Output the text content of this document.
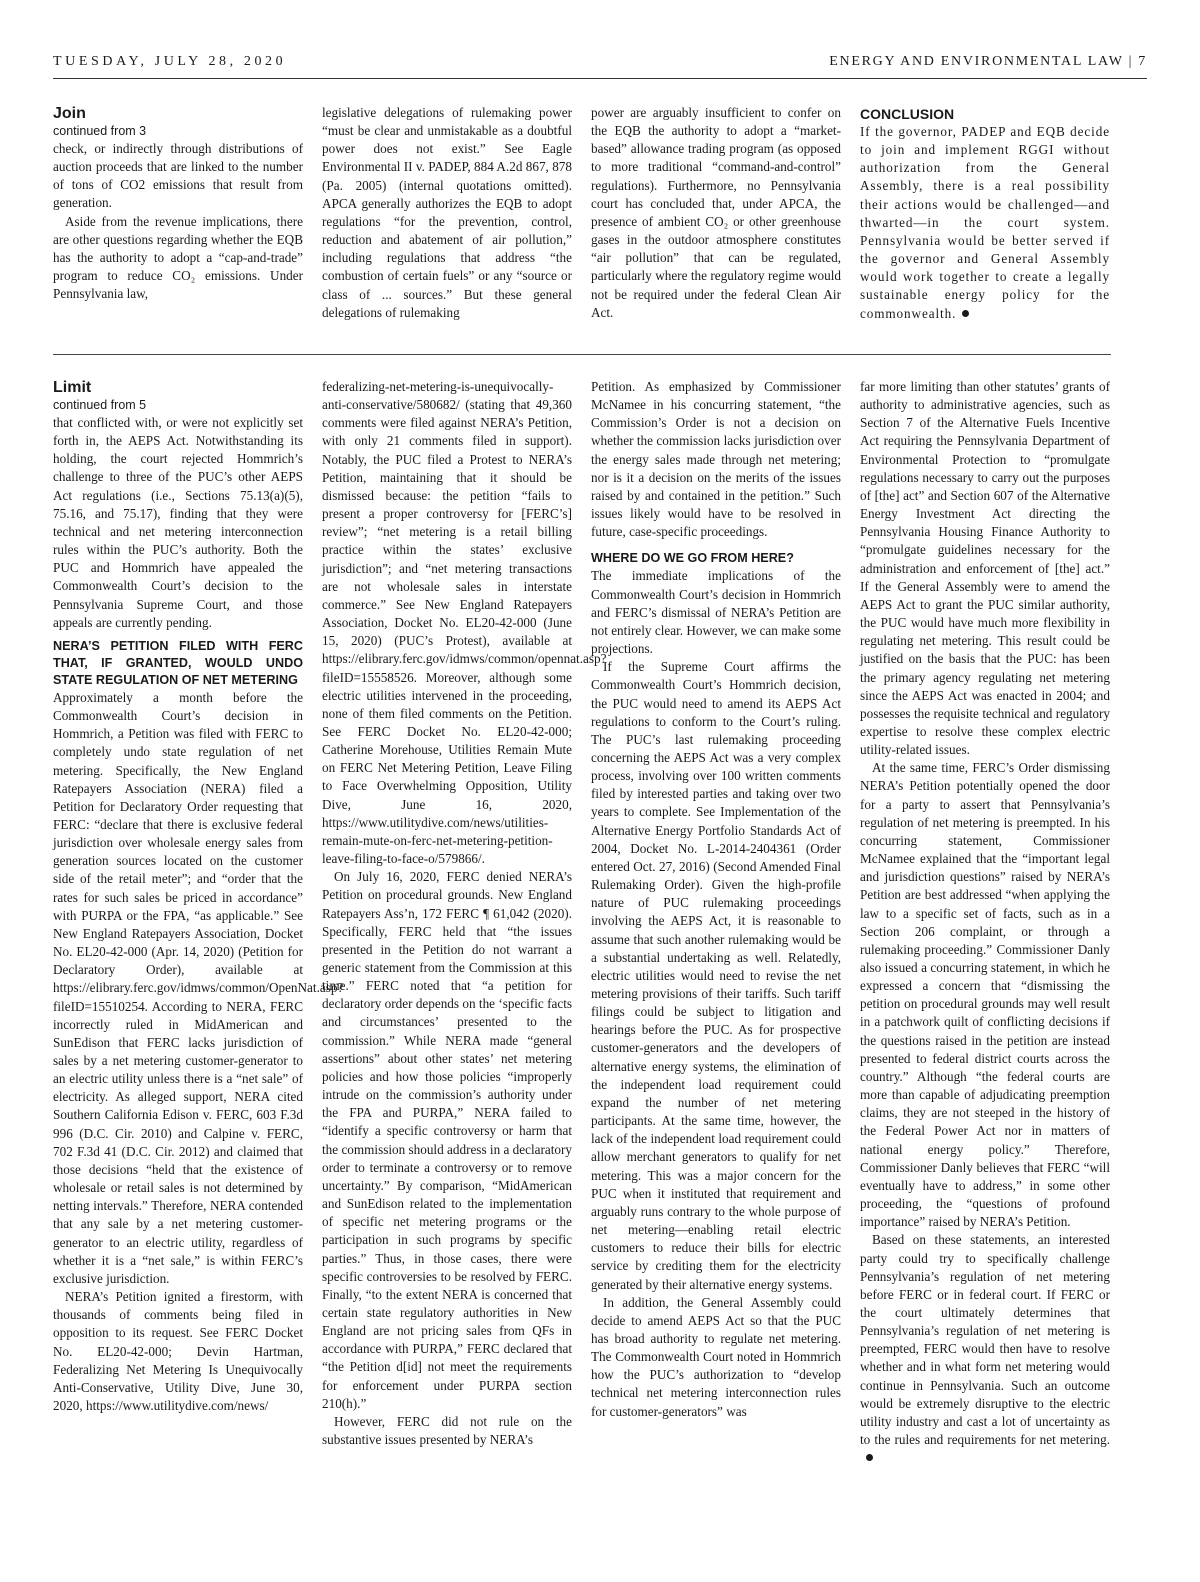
TUESDAY, JULY 28, 2020	ENERGY AND ENVIRONMENTAL LAW | 7

Join

continued from 3

check, or indirectly through distributions of auction proceeds that are linked to the number of tons of CO2 emissions that result from generation.

Aside from the revenue implications, there are other questions regarding whether the EQB has the authority to adopt a “cap-and-trade” program to reduce CO₂ emissions. Under Pennsylvania law,

legislative delegations of rulemaking power “must be clear and unmistakable as a doubtful power does not exist.” See Eagle Environmental II v. PADEP, 884 A.2d 867, 878 (Pa. 2005) (internal quotations omitted). APCA generally authorizes the EQB to adopt regulations “for the prevention, control, reduction and abatement of air pollution,” including regulations that address “the combustion of certain fuels” or any “source or class of ... sources.” But these general delegations of rulemaking

power are arguably insufficient to confer on the EQB the authority to adopt a “market-based” allowance trading program (as opposed to more traditional “command-and-control” regulations). Furthermore, no Pennsylvania court has concluded that, under APCA, the presence of ambient CO₂ or other greenhouse gases in the outdoor atmosphere constitutes “air pollution” that can be regulated, particularly where the regulatory regime would not be required under the federal Clean Air Act.

CONCLUSION

If the governor, PADEP and EQB decide to join and implement RGGI without authorization from the General Assembly, there is a real possibility their actions would be challenged—and thwarted—in the court system. Pennsylvania would be better served if the governor and General Assembly would work together to create a legally sustainable energy policy for the commonwealth.

Limit

continued from 5

that conflicted with, or were not explicitly set forth in, the AEPS Act. Notwithstanding its holding, the court rejected Hommrich’s challenge to three of the PUC’s other AEPS Act regulations (i.e., Sections 75.13(a)(5), 75.16, and 75.17), finding that they were technical and net metering interconnection rules within the PUC’s authority. Both the PUC and Hommrich have appealed the Commonwealth Court’s decision to the Pennsylvania Supreme Court, and those appeals are currently pending.

NERA’S PETITION FILED WITH FERC THAT, IF GRANTED, WOULD UNDO STATE REGULATION OF NET METERING

Approximately a month before the Commonwealth Court’s decision in Hommrich, a Petition was filed with FERC to completely undo state regulation of net metering. Specifically, the New England Ratepayers Association (NERA) filed a Petition for Declaratory Order requesting that FERC: “declare that there is exclusive federal jurisdiction over wholesale energy sales from generation sources located on the customer side of the retail meter”; and “order that the rates for such sales be priced in accordance” with PURPA or the FPA, “as applicable.” See New England Ratepayers Association, Docket No. EL20-42-000 (Apr. 14, 2020) (Petition for Declaratory Order), available at https://elibrary.ferc.gov/idmws/common/OpenNat.asp?fileID=15510254. According to NERA, FERC incorrectly ruled in MidAmerican and SunEdison that FERC lacks jurisdiction of sales by a net metering customer-generator to an electric utility unless there is a “net sale” of electricity. As alleged support, NERA cited Southern California Edison v. FERC, 603 F.3d 996 (D.C. Cir. 2010) and Calpine v. FERC, 702 F.3d 41 (D.C. Cir. 2012) and claimed that those decisions “held that the existence of wholesale or retail sales is not determined by netting intervals.” Therefore, NERA contended that any sale by a net metering customer-generator to an electric utility, regardless of whether it is a “net sale,” is within FERC’s exclusive jurisdiction.

NERA’s Petition ignited a firestorm, with thousands of comments being filed in opposition to its request. See FERC Docket No. EL20-42-000; Devin Hartman, Federalizing Net Metering Is Unequivocally Anti-Conservative, Utility Dive, June 30, 2020, https://www.utilitydive.com/news/

federalizing-net-metering-is-unequivocally-anti-conservative/580682/ (stating that 49,360 comments were filed against NERA’s Petition, with only 21 comments filed in support). Notably, the PUC filed a Protest to NERA’s Petition, maintaining that it should be dismissed because: the petition “fails to present a proper controversy for [FERC’s] review”; “net metering is a retail billing practice within the states’ exclusive jurisdiction”; and “net metering transactions are not wholesale sales in interstate commerce.” See New England Ratepayers Association, Docket No. EL20-42-000 (June 15, 2020) (PUC’s Protest), available at https://elibrary.ferc.gov/idmws/common/opennat.asp?fileID=15558526. Moreover, although some electric utilities intervened in the proceeding, none of them filed comments on the Petition. See FERC Docket No. EL20-42-000; Catherine Morehouse, Utilities Remain Mute on FERC Net Metering Petition, Leave Filing to Face Overwhelming Opposition, Utility Dive, June 16, 2020, https://www.utilitydive.com/news/utilities-remain-mute-on-ferc-net-metering-petition-leave-filing-to-face-o/579866/.

On July 16, 2020, FERC denied NERA’s Petition on procedural grounds. New England Ratepayers Ass’n, 172 FERC ¶ 61,042 (2020). Specifically, FERC held that “the issues presented in the Petition do not warrant a generic statement from the Commission at this time.” FERC noted that “a petition for declaratory order depends on the ‘specific facts and circumstances’ presented to the commission.” While NERA made “general assertions” about other states’ net metering policies and how those policies “improperly intrude on the commission’s authority under the FPA and PURPA,” NERA failed to “identify a specific controversy or harm that the commission should address in a declaratory order to terminate a controversy or to remove uncertainty.” By comparison, “MidAmerican and SunEdison related to the implementation of specific net metering programs or the participation in such programs by specific parties.” Thus, in those cases, there were specific controversies to be resolved by FERC. Finally, “to the extent NERA is concerned that certain state regulatory authorities in New England are not pricing sales from QFs in accordance with PURPA,” FERC declared that “the Petition d[id] not meet the requirements for enforcement under PURPA section 210(h).”

However, FERC did not rule on the substantive issues presented by NERA’s

Petition. As emphasized by Commissioner McNamee in his concurring statement, “the Commission’s Order is not a decision on whether the commission lacks jurisdiction over the energy sales made through net metering; nor is it a decision on the merits of the issues raised by and contained in the petition.” Such issues likely would have to be resolved in future, case-specific proceedings.

WHERE DO WE GO FROM HERE?

The immediate implications of the Commonwealth Court’s decision in Hommrich and FERC’s dismissal of NERA’s Petition are not entirely clear. However, we can make some projections.

If the Supreme Court affirms the Commonwealth Court’s Hommrich decision, the PUC would need to amend its AEPS Act regulations to conform to the Court’s ruling. The PUC’s last rulemaking proceeding concerning the AEPS Act was a very complex process, involving over 100 written comments filed by interested parties and taking over two years to complete. See Implementation of the Alternative Energy Portfolio Standards Act of 2004, Docket No. L-2014-2404361 (Order entered Oct. 27, 2016) (Second Amended Final Rulemaking Order). Given the high-profile nature of PUC rulemaking proceedings involving the AEPS Act, it is reasonable to assume that such another rulemaking would be a substantial undertaking as well. Relatedly, electric utilities would need to revise the net metering provisions of their tariffs. Such tariff filings could be subject to litigation and hearings before the PUC. As for prospective customer-generators and the developers of alternative energy systems, the elimination of the independent load requirement could expand the number of net metering participants. At the same time, however, the lack of the independent load requirement could allow merchant generators to qualify for net metering. This was a major concern for the PUC when it instituted that requirement and arguably runs contrary to the whole purpose of net metering—enabling retail electric customers to reduce their bills for electric service by crediting them for the electricity generated by their alternative energy systems.

In addition, the General Assembly could decide to amend AEPS Act so that the PUC has broad authority to regulate net metering. The Commonwealth Court noted in Hommrich how the PUC’s authorization to “develop technical net metering interconnection rules for customer-generators” was

far more limiting than other statutes’ grants of authority to administrative agencies, such as Section 7 of the Alternative Fuels Incentive Act requiring the Pennsylvania Department of Environmental Protection to “promulgate regulations necessary to carry out the purposes of [the] act” and Section 607 of the Alternative Energy Investment Act directing the Pennsylvania Housing Finance Authority to “promulgate guidelines necessary for the administration and enforcement of [the] act.” If the General Assembly were to amend the AEPS Act to grant the PUC similar authority, the PUC would have much more flexibility in regulating net metering. This result could be justified on the basis that the PUC: has been the primary agency regulating net metering since the AEPS Act was enacted in 2004; and possesses the requisite technical and regulatory expertise to resolve these complex electric utility-related issues.

At the same time, FERC’s Order dismissing NERA’s Petition potentially opened the door for a party to assert that Pennsylvania’s regulation of net metering is preempted. In his concurring statement, Commissioner McNamee explained that the “important legal and jurisdiction questions” raised by NERA’s Petition are best addressed “when applying the law to a specific set of facts, such as in a Section 206 complaint, or through a rulemaking proceeding.” Commissioner Danly also issued a concurring statement, in which he expressed a concern that “dismissing the petition on procedural grounds may well result in a patchwork quilt of conflicting decisions if the questions raised in the petition are instead presented to federal district courts across the country.” Although “the federal courts are more than capable of adjudicating preemption claims, they are not steeped in the history of the Federal Power Act nor in matters of national energy policy.” Therefore, Commissioner Danly believes that FERC “will eventually have to address,” in some other proceeding, the “questions of profound importance” raised by NERA’s Petition.

Based on these statements, an interested party could try to specifically challenge Pennsylvania’s regulation of net metering before FERC or in federal court. If FERC or the court ultimately determines that Pennsylvania’s regulation of net metering is preempted, FERC would then have to resolve whether and in what form net metering would continue in Pennsylvania. Such an outcome would be extremely disruptive to the electric utility industry and cast a lot of uncertainty as to the rules and requirements for net metering.
